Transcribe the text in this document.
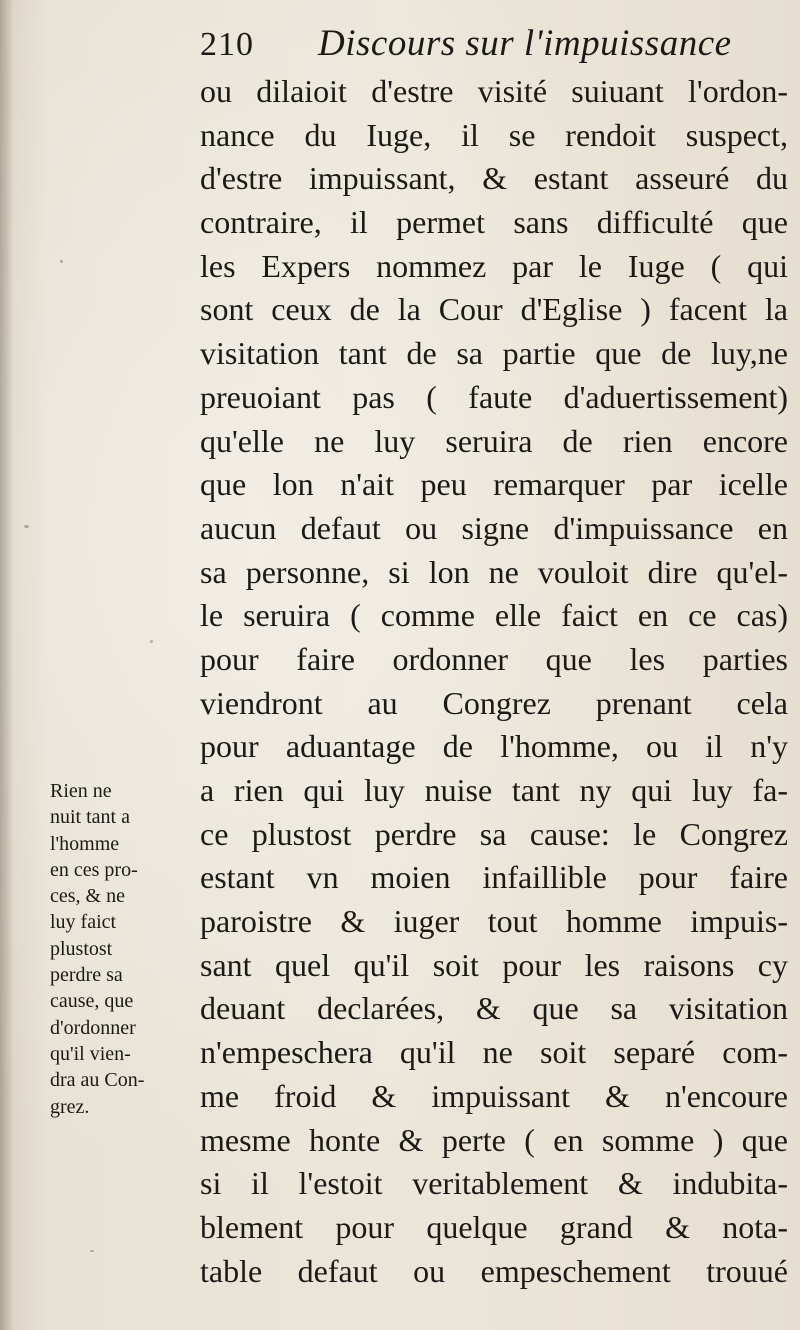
210 Discours sur l'impuissance
ou dilaioit d'estre visité suiuant l'ordon-
nance du Iuge, il se rendoit suspect,
d'estre impuissant, & estant asseuré du
contraire, il permet sans difficulté que
les Expers nommez par le Iuge ( qui
sont ceux de la Cour d'Eglise ) facent la
visitation tant de sa partie que de luy,ne
preuoiant pas ( faute d'aduertissement)
qu'elle ne luy seruira de rien encore
que lon n'ait peu remarquer par icelle
aucun defaut ou signe d'impuissance en
sa personne, si lon ne vouloit dire qu'el-
le seruira ( comme elle faict en ce cas)
pour faire ordonner que les parties
viendront au Congrez prenant cela
pour aduantage de l'homme, ou il n'y
a rien qui luy nuise tant ny qui luy fa-
ce plustost perdre sa cause: le Congrez
estant vn moien infaillible pour faire
paroistre & iuger tout homme impuis-
sant quel qu'il soit pour les raisons cy
deuant declarées, & que sa visitation
n'empeschera qu'il ne soit separé com-
me froid & impuissant & n'encoure
mesme honte & perte ( en somme ) que
si il l'estoit veritablement & indubita-
blement pour quelque grand & nota-
table defaut ou empeschement trouué
Rien ne
nuit tant a
l'homme
en ces pro-
ces, & ne
luy faict
plustost
perdre sa
cause, que
d'ordonner
qu'il vien-
dra au Con-
grez.
